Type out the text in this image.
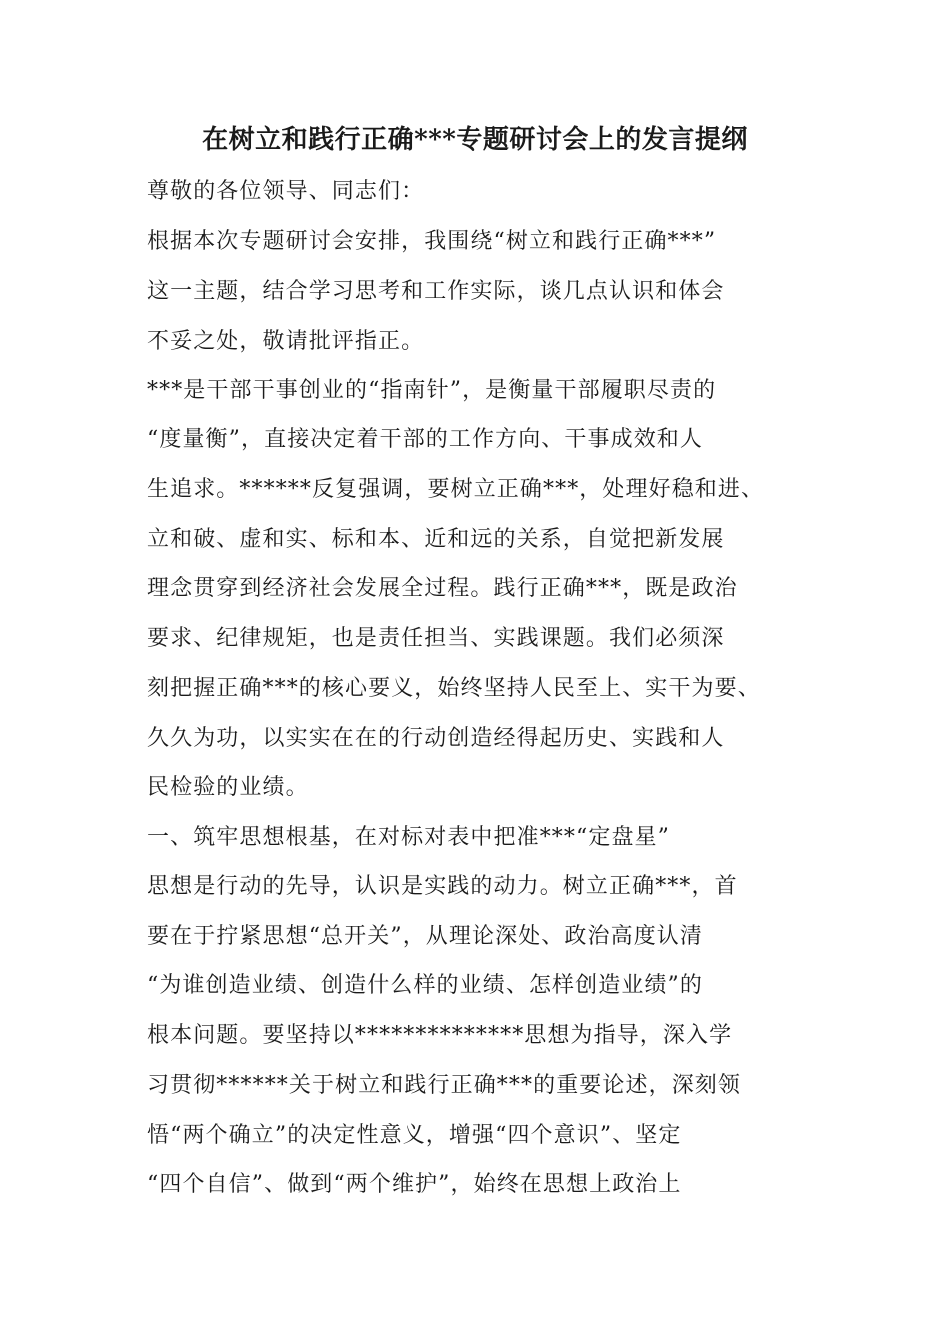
在树立和践行正确***专题研讨会上的发言提纲
尊敬的各位领导、同志们：
根据本次专题研讨会安排，我围绕“树立和践行正确***”
这一主题，结合学习思考和工作实际，谈几点认识和体会
不妥之处，敬请批评指正。
***是干部干事创业的“指南针”，是衡量干部履职尽责的
“度量衡”，直接决定着干部的工作方向、干事成效和人
生追求。******反复强调，要树立正确***，处理好稳和进、
立和破、虚和实、标和本、近和远的关系，自觉把新发展
理念贯穿到经济社会发展全过程。践行正确***，既是政治
要求、纪律规矩，也是责任担当、实践课题。我们必须深
刻把握正确***的核心要义，始终坚持人民至上、实干为要、
久久为功，以实实在在的行动创造经得起历史、实践和人
民检验的业绩。
一、筑牢思想根基，在对标对表中把准***“定盘星”
思想是行动的先导，认识是实践的动力。树立正确***，首
要在于拧紧思想“总开关”，从理论深处、政治高度认清
“为谁创造业绩、创造什么样的业绩、怎样创造业绩”的
根本问题。要坚持以**************思想为指导，深入学
习贯彻******关于树立和践行正确***的重要论述，深刻领
悟“两个确立”的决定性意义，增强“四个意识”、坚定
“四个自信”、做到“两个维护”，始终在思想上政治上
